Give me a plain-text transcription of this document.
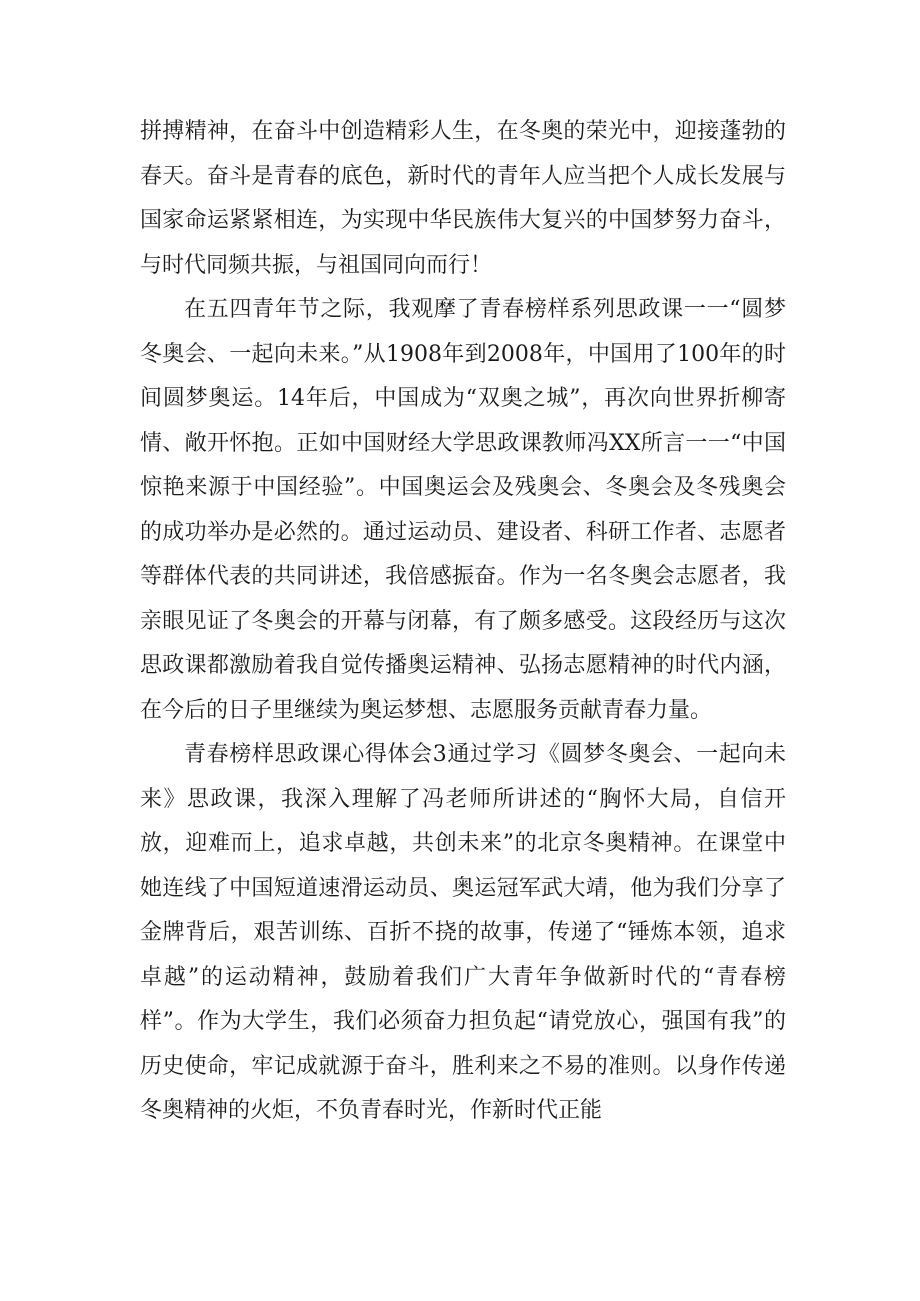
拼搏精神，在奋斗中创造精彩人生，在冬奥的荣光中，迎接蓬勃的春天。奋斗是青春的底色，新时代的青年人应当把个人成长发展与国家命运紧紧相连，为实现中华民族伟大复兴的中国梦努力奋斗，与时代同频共振，与祖国同向而行！

在五四青年节之际，我观摩了青春榜样系列思政课一一“圆梦冬奥会、一起向未来。”从1908年到2008年，中国用了100年的时间圆梦奥运。14年后，中国成为“双奥之城”，再次向世界折柳寄情、敞开怀抱。正如中国财经大学思政课教师冯XX所言一一“中国惊艳来源于中国经验”。中国奥运会及残奥会、冬奥会及冬残奥会的成功举办是必然的。通过运动员、建设者、科研工作者、志愿者等群体代表的共同讲述，我倍感振奋。作为一名冬奥会志愿者，我亲眼见证了冬奥会的开幕与闭幕，有了颇多感受。这段经历与这次思政课都激励着我自觉传播奥运精神、弘扬志愿精神的时代内涵，在今后的日子里继续为奥运梦想、志愿服务贡献青春力量。

青春榜样思政课心得体会3通过学习《圆梦冬奥会、一起向未来》思政课，我深入理解了冯老师所讲述的“胸怀大局，自信开放，迎难而上，追求卓越，共创未来”的北京冬奥精神。在课堂中她连线了中国短道速滑运动员、奥运冠军武大靖，他为我们分享了金牌背后，艰苦训练、百折不挠的故事，传递了“锤炼本领，追求卓越”的运动精神，鼓励着我们广大青年争做新时代的“青春榜样”。作为大学生，我们必须奋力担负起“请党放心，强国有我”的历史使命，牢记成就源于奋斗，胜利来之不易的准则。以身作传递冬奥精神的火炬，不负青春时光，作新时代正能
